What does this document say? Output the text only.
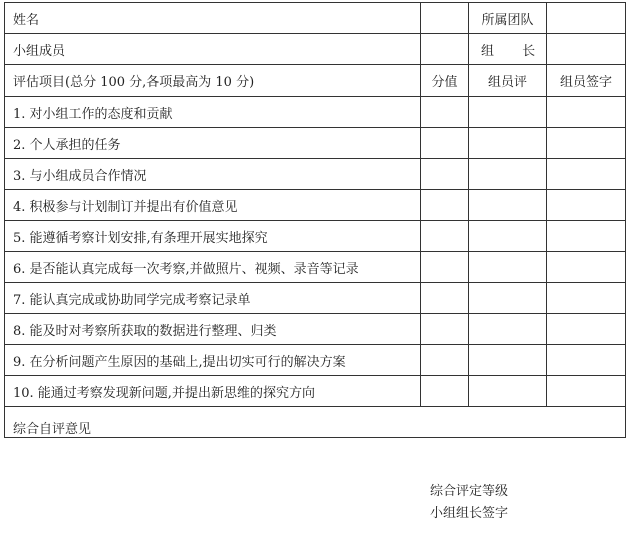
姓名		所属团队	
小组成员		组 长	
评估项目(总分 100 分,各项最高为 10 分)	分值	组员评	组员签字
1. 对小组工作的态度和贡献			
2. 个人承担的任务			
3. 与小组成员合作情况			
4. 积极参与计划制订并提出有价值意见			
5. 能遵循考察计划安排,有条理开展实地探究			
6. 是否能认真完成每一次考察,并做照片、视频、录音等记录			
7. 能认真完成或协助同学完成考察记录单			
8. 能及时对考察所获取的数据进行整理、归类			
9. 在分析问题产生原因的基础上,提出切实可行的解决方案			
10. 能通过考察发现新问题,并提出新思维的探究方向			

综合自评意见
综合评定等级
小组组长签字			
